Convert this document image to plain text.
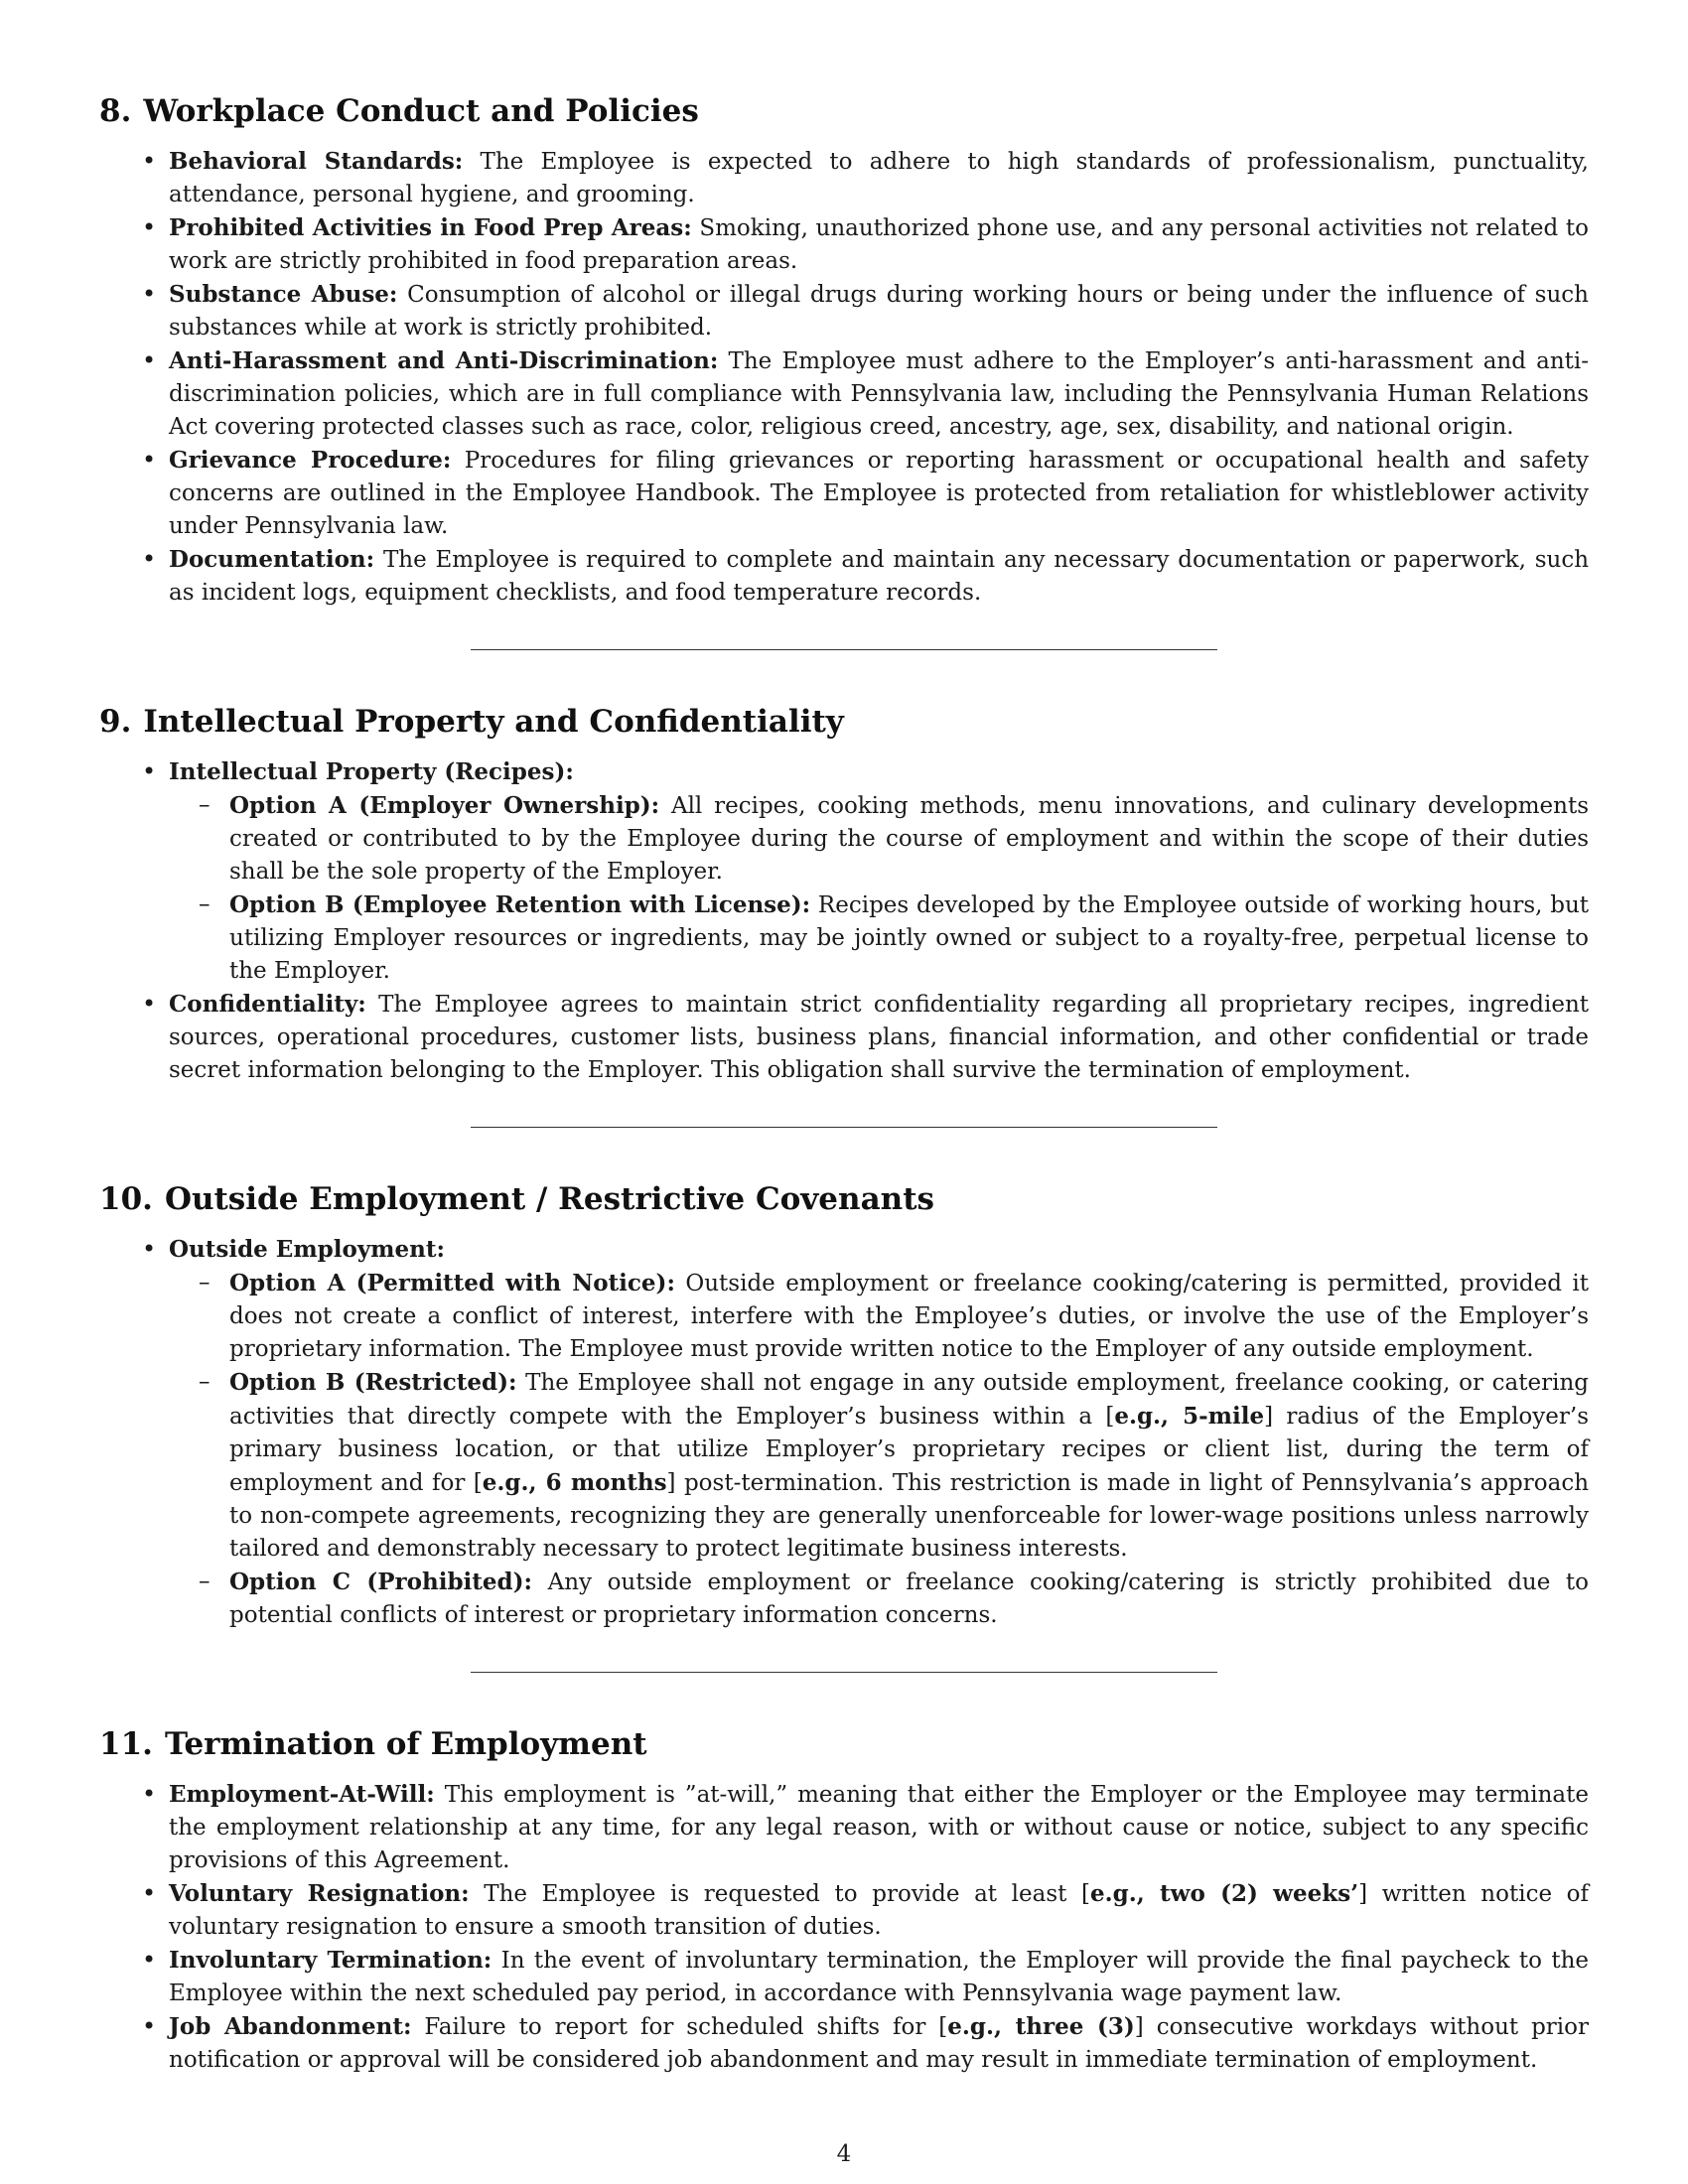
8. Workplace Conduct and Policies
• Behavioral Standards: The Employee is expected to adhere to high standards of professionalism, punctuality, attendance, personal hygiene, and grooming.
• Prohibited Activities in Food Prep Areas: Smoking, unauthorized phone use, and any personal activities not related to work are strictly prohibited in food preparation areas.
• Substance Abuse: Consumption of alcohol or illegal drugs during working hours or being under the influence of such substances while at work is strictly prohibited.
• Anti-Harassment and Anti-Discrimination: The Employee must adhere to the Employer’s anti-harassment and anti-discrimination policies, which are in full compliance with Pennsylvania law, including the Pennsylvania Human Relations Act covering protected classes such as race, color, religious creed, ancestry, age, sex, disability, and national origin.
• Grievance Procedure: Procedures for filing grievances or reporting harassment or occupational health and safety concerns are outlined in the Employee Handbook. The Employee is protected from retaliation for whistleblower activity under Pennsylvania law.
• Documentation: The Employee is required to complete and maintain any necessary documentation or paperwork, such as incident logs, equipment checklists, and food temperature records.
9. Intellectual Property and Confidentiality
• Intellectual Property (Recipes):
– Option A (Employer Ownership): All recipes, cooking methods, menu innovations, and culinary developments created or contributed to by the Employee during the course of employment and within the scope of their duties shall be the sole property of the Employer.
– Option B (Employee Retention with License): Recipes developed by the Employee outside of working hours, but utilizing Employer resources or ingredients, may be jointly owned or subject to a royalty-free, perpetual license to the Employer.
• Confidentiality: The Employee agrees to maintain strict confidentiality regarding all proprietary recipes, ingredient sources, operational procedures, customer lists, business plans, financial information, and other confidential or trade secret information belonging to the Employer. This obligation shall survive the termination of employment.
10. Outside Employment / Restrictive Covenants
• Outside Employment:
– Option A (Permitted with Notice): Outside employment or freelance cooking/catering is permitted, provided it does not create a conflict of interest, interfere with the Employee’s duties, or involve the use of the Employer’s proprietary information. The Employee must provide written notice to the Employer of any outside employment.
– Option B (Restricted): The Employee shall not engage in any outside employment, freelance cooking, or catering activities that directly compete with the Employer’s business within a [e.g., 5-mile] radius of the Employer’s primary business location, or that utilize Employer’s proprietary recipes or client list, during the term of employment and for [e.g., 6 months] post-termination. This restriction is made in light of Pennsylvania’s approach to non-compete agreements, recognizing they are generally unenforceable for lower-wage positions unless narrowly tailored and demonstrably necessary to protect legitimate business interests.
– Option C (Prohibited): Any outside employment or freelance cooking/catering is strictly prohibited due to potential conflicts of interest or proprietary information concerns.
11. Termination of Employment
• Employment-At-Will: This employment is ”at-will,” meaning that either the Employer or the Employee may terminate the employment relationship at any time, for any legal reason, with or without cause or notice, subject to any specific provisions of this Agreement.
• Voluntary Resignation: The Employee is requested to provide at least [e.g., two (2) weeks’] written notice of voluntary resignation to ensure a smooth transition of duties.
• Involuntary Termination: In the event of involuntary termination, the Employer will provide the final paycheck to the Employee within the next scheduled pay period, in accordance with Pennsylvania wage payment law.
• Job Abandonment: Failure to report for scheduled shifts for [e.g., three (3)] consecutive workdays without prior notification or approval will be considered job abandonment and may result in immediate termination of employment.
4
